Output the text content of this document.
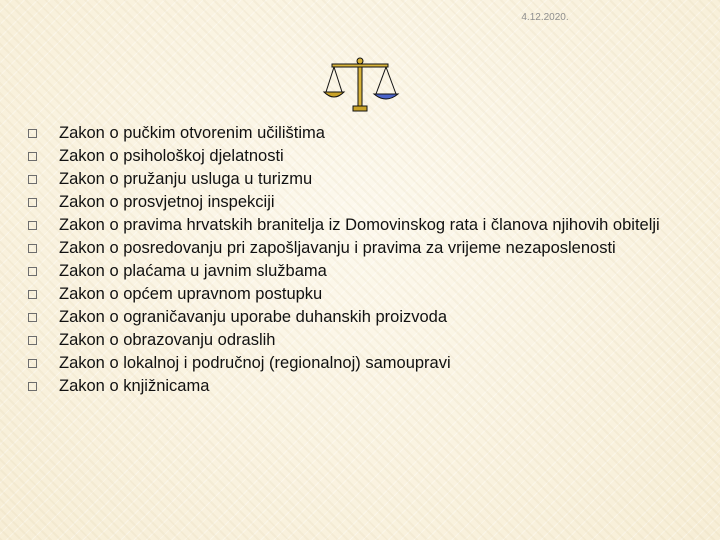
4.12.2020.
Zakon o pučkim otvorenim učilištima
Zakon o psihološkoj djelatnosti
Zakon o pružanju usluga u turizmu
Zakon o prosvjetnoj inspekciji
Zakon o pravima hrvatskih branitelja iz Domovinskog rata i članova njihovih obitelji
Zakon o posredovanju pri zapošljavanju i pravima za vrijeme nezaposlenosti
Zakon o plaćama u javnim službama
Zakon o općem upravnom postupku
Zakon o ograničavanju uporabe duhanskih proizvoda
Zakon o obrazovanju odraslih
Zakon o lokalnoj i područnoj (regionalnoj) samoupravi
Zakon o knjižnicama
